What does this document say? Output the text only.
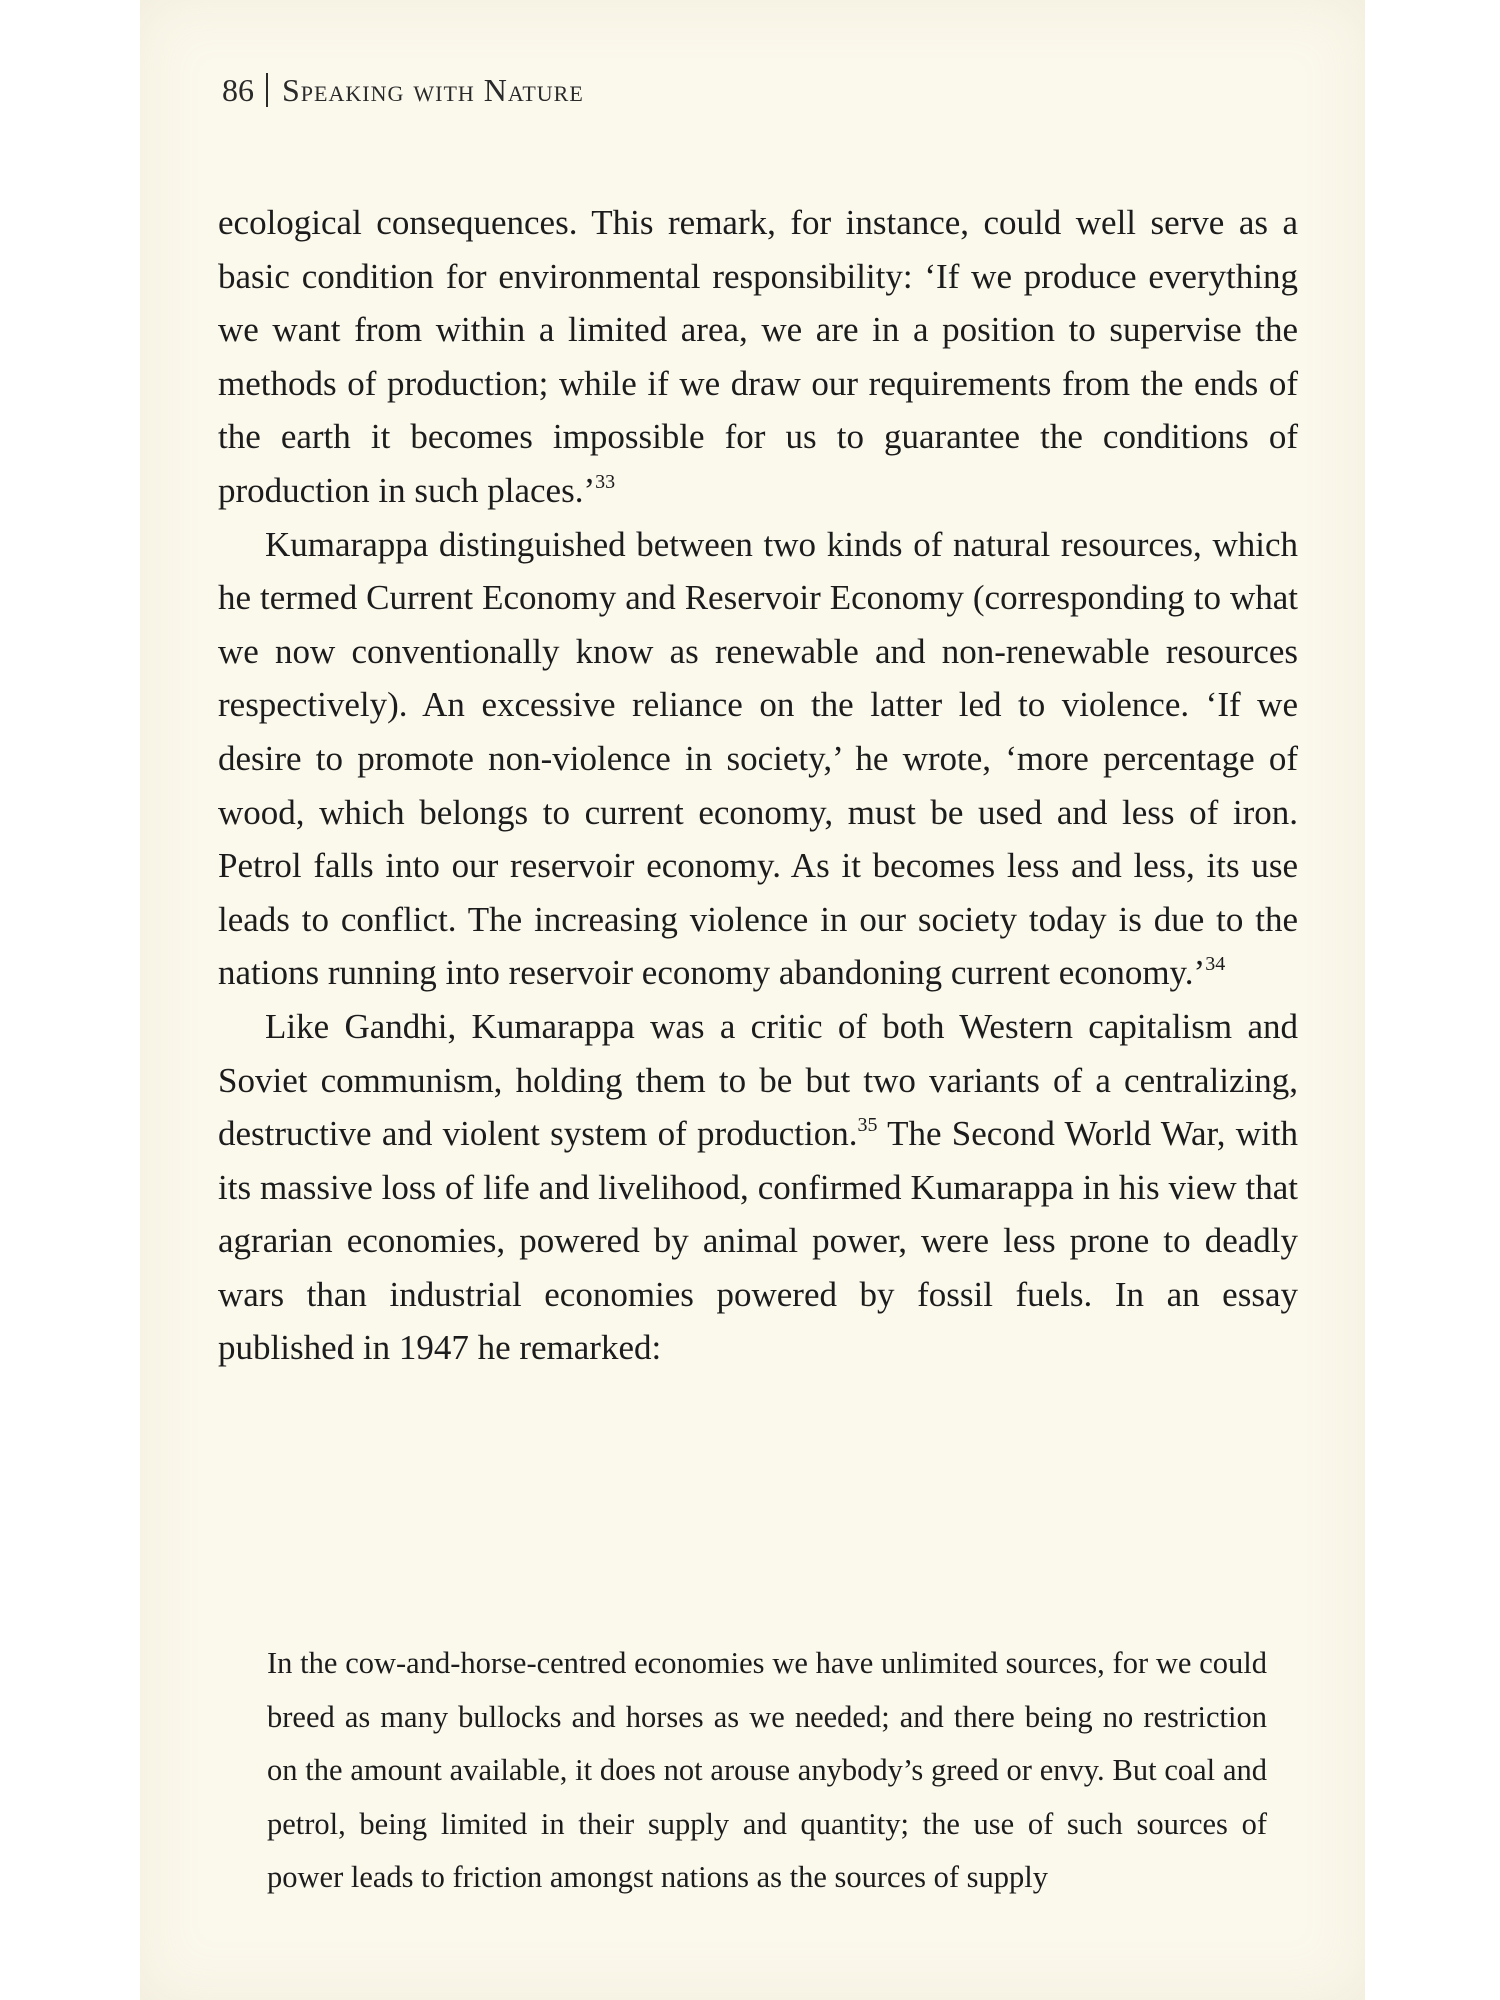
86 Speaking with Nature

ecological consequences. This remark, for instance, could well serve as a basic condition for environmental responsibility: ‘If we produce everything we want from within a limited area, we are in a position to supervise the methods of production; while if we draw our requirements from the ends of the earth it becomes impossible for us to guarantee the conditions of production in such places.’$^{33}$

Kumarappa distinguished between two kinds of natural resources, which he termed Current Economy and Reservoir Economy (corresponding to what we now conventionally know as renewable and non-renewable resources respectively). An excessive reliance on the latter led to violence. ‘If we desire to promote non-violence in society,’ he wrote, ‘more percentage of wood, which belongs to current economy, must be used and less of iron. Petrol falls into our reservoir economy. As it becomes less and less, its use leads to conflict. The increasing violence in our society today is due to the nations running into reservoir economy abandoning current economy.’$^{34}$

Like Gandhi, Kumarappa was a critic of both Western capitalism and Soviet communism, holding them to be but two variants of a centralizing, destructive and violent system of production.$^{35}$ The Second World War, with its massive loss of life and livelihood, confirmed Kumarappa in his view that agrarian economies, powered by animal power, were less prone to deadly wars than industrial economies powered by fossil fuels. In an essay published in 1947 he remarked:

In the cow-and-horse-centred economies we have unlimited sources, for we could breed as many bullocks and horses as we needed; and there being no restriction on the amount available, it does not arouse anybody’s greed or envy. But coal and petrol, being limited in their supply and quantity; the use of such sources of power leads to friction amongst nations as the sources of supply
